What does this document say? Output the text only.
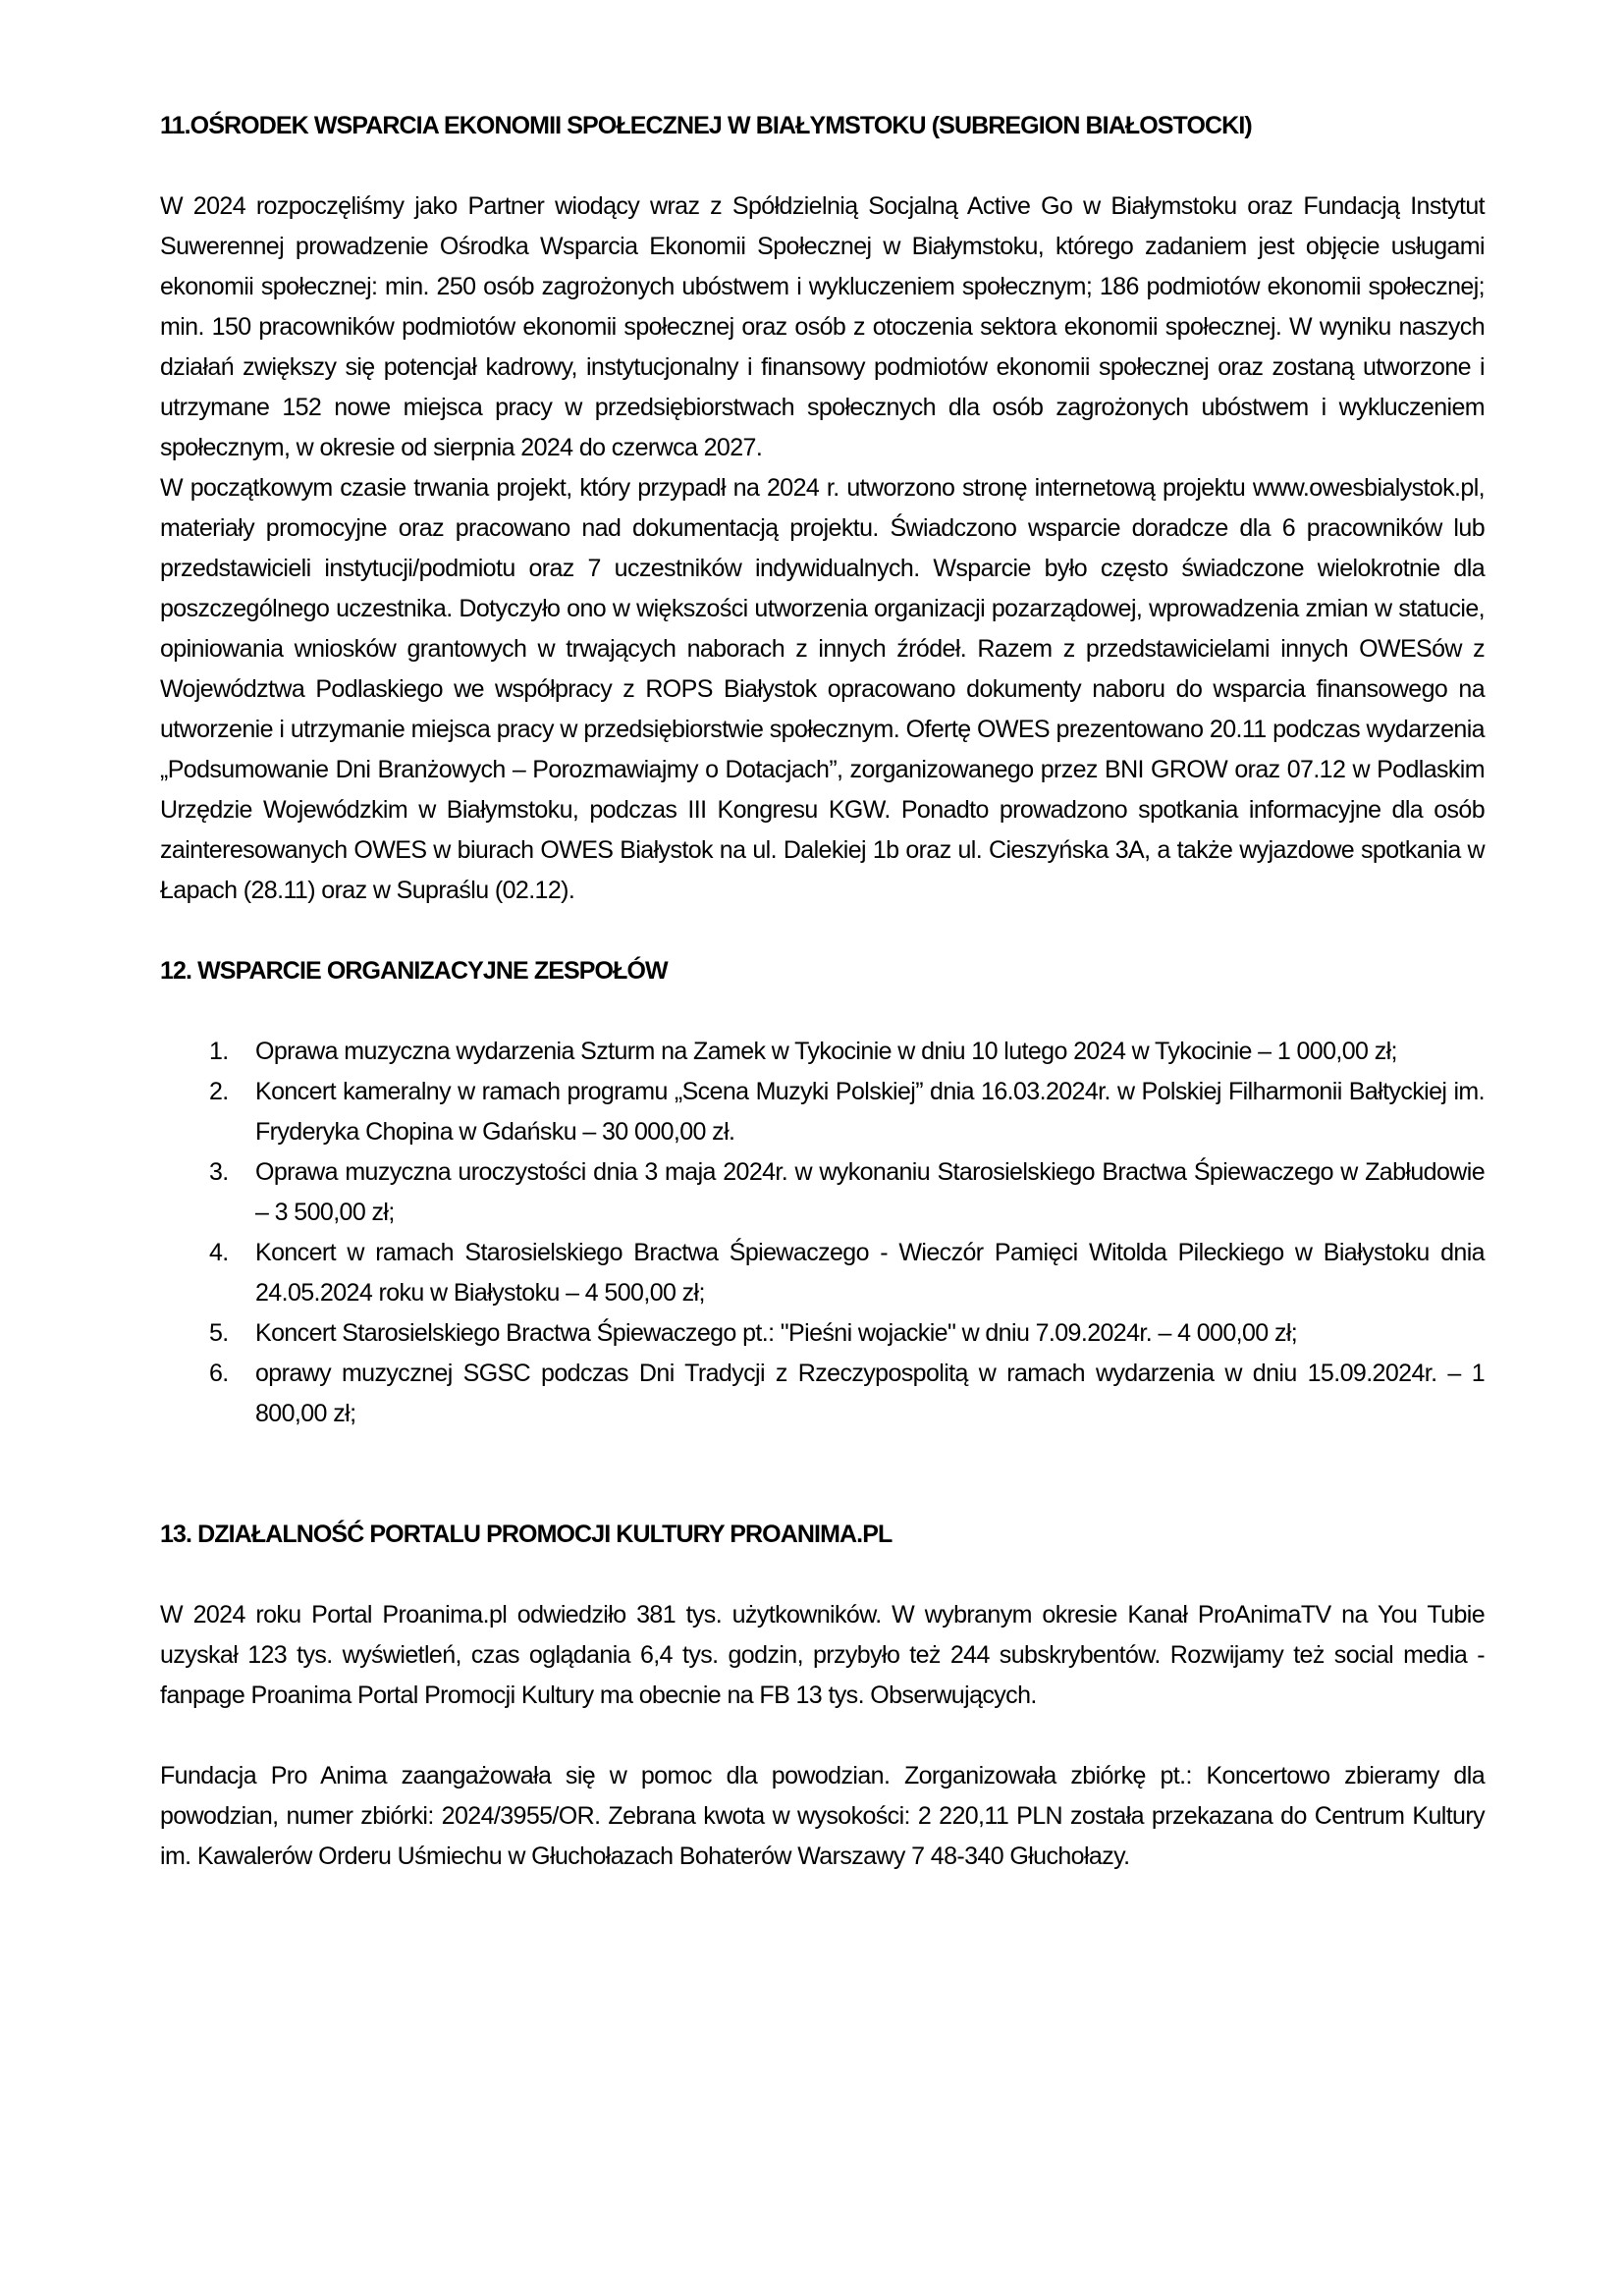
11.OŚRODEK WSPARCIA EKONOMII SPOŁECZNEJ W BIAŁYMSTOKU (SUBREGION BIAŁOSTOCKI)

W 2024 rozpoczęliśmy jako Partner wiodący wraz z Spółdzielnią Socjalną Active Go w Białymstoku oraz Fundacją Instytut Suwerennej prowadzenie Ośrodka Wsparcia Ekonomii Społecznej w Białymstoku, którego zadaniem jest objęcie usługami ekonomii społecznej: min. 250 osób zagrożonych ubóstwem i wykluczeniem społecznym; 186 podmiotów ekonomii społecznej; min. 150 pracowników podmiotów ekonomii społecznej oraz osób z otoczenia sektora ekonomii społecznej. W wyniku naszych działań zwiększy się potencjał kadrowy, instytucjonalny i finansowy podmiotów ekonomii społecznej oraz zostaną utworzone i utrzymane 152 nowe miejsca pracy w przedsiębiorstwach społecznych dla osób zagrożonych ubóstwem i wykluczeniem społecznym, w okresie od sierpnia 2024 do czerwca 2027.

W początkowym czasie trwania projekt, który przypadł na 2024 r. utworzono stronę internetową projektu www.owesbialystok.pl, materiały promocyjne oraz pracowano nad dokumentacją projektu. Świadczono wsparcie doradcze dla 6 pracowników lub przedstawicieli instytucji/podmiotu oraz 7 uczestników indywidualnych. Wsparcie było często świadczone wielokrotnie dla poszczególnego uczestnika. Dotyczyło ono w większości utworzenia organizacji pozarządowej, wprowadzenia zmian w statucie, opiniowania wniosków grantowych w trwających naborach z innych źródeł. Razem z przedstawicielami innych OWESów z Województwa Podlaskiego we współpracy z ROPS Białystok opracowano dokumenty naboru do wsparcia finansowego na utworzenie i utrzymanie miejsca pracy w przedsiębiorstwie społecznym. Ofertę OWES prezentowano 20.11 podczas wydarzenia „Podsumowanie Dni Branżowych – Porozmawiajmy o Dotacjach”, zorganizowanego przez BNI GROW oraz 07.12 w Podlaskim Urzędzie Wojewódzkim w Białymstoku, podczas III Kongresu KGW. Ponadto prowadzono spotkania informacyjne dla osób zainteresowanych OWES w biurach OWES Białystok na ul. Dalekiej 1b oraz ul. Cieszyńska 3A, a także wyjazdowe spotkania w Łapach (28.11) oraz w Supraślu (02.12).

12. WSPARCIE ORGANIZACYJNE ZESPOŁÓW
1. Oprawa muzyczna wydarzenia Szturm na Zamek w Tykocinie w dniu 10 lutego 2024 w Tykocinie – 1 000,00 zł;
2. Koncert kameralny w ramach programu „Scena Muzyki Polskiej” dnia 16.03.2024r. w Polskiej Filharmonii Bałtyckiej im. Fryderyka Chopina w Gdańsku – 30 000,00 zł.
3. Oprawa muzyczna uroczystości dnia 3 maja 2024r. w wykonaniu Starosielskiego Bractwa Śpiewaczego w Zabłudowie – 3 500,00 zł;
4. Koncert w ramach Starosielskiego Bractwa Śpiewaczego - Wieczór Pamięci Witolda Pileckiego w Białystoku dnia 24.05.2024 roku w Białystoku – 4 500,00 zł;
5. Koncert Starosielskiego Bractwa Śpiewaczego pt.: "Pieśni wojackie" w dniu 7.09.2024r. – 4 000,00 zł;
6. oprawy muzycznej SGSC podczas Dni Tradycji z Rzeczypospolitą w ramach wydarzenia w dniu 15.09.2024r. – 1 800,00 zł;
13. DZIAŁALNOŚĆ PORTALU PROMOCJI KULTURY PROANIMA.PL

W 2024 roku Portal Proanima.pl odwiedziło 381 tys. użytkowników. W wybranym okresie Kanał ProAnimaTV na You Tubie uzyskał 123 tys. wyświetleń, czas oglądania 6,4 tys. godzin, przybyło też 244 subskrybentów. Rozwijamy też social media - fanpage Proanima Portal Promocji Kultury ma obecnie na FB 13 tys. Obserwujących.

Fundacja Pro Anima zaangażowała się w pomoc dla powodzian. Zorganizowała zbiórkę pt.: Koncertowo zbieramy dla powodzian, numer zbiórki: 2024/3955/OR. Zebrana kwota w wysokości: 2 220,11 PLN została przekazana do Centrum Kultury im. Kawalerów Orderu Uśmiechu w Głuchołazach Bohaterów Warszawy 7 48-340 Głuchołazy.
